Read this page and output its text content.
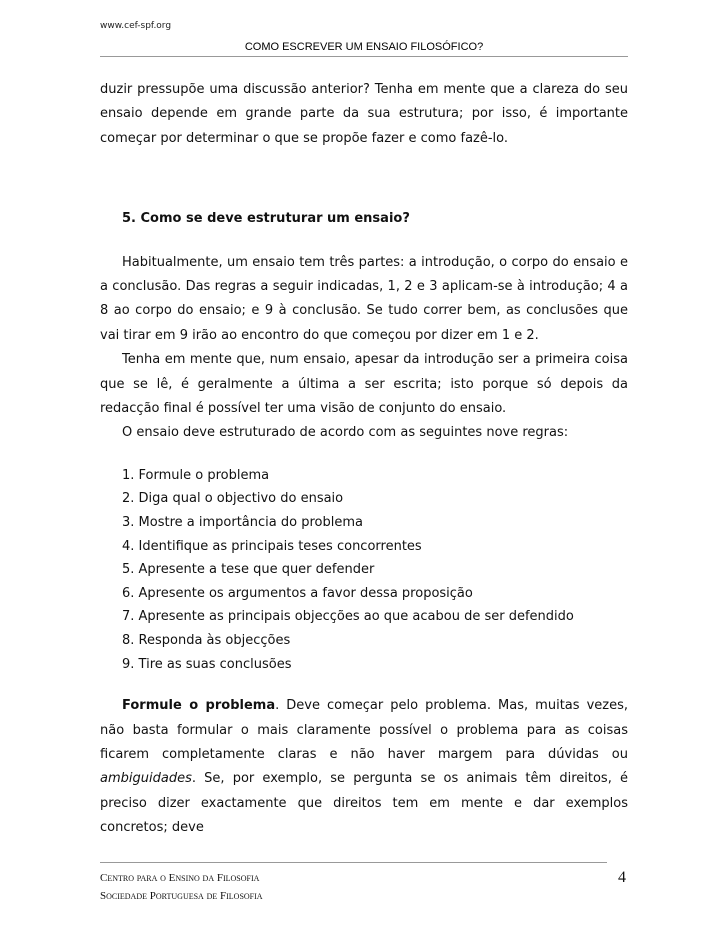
www.cef-spf.org
COMO ESCREVER UM ENSAIO FILOSÓFICO?

duzir pressupõe uma discussão anterior? Tenha em mente que a clareza do seu ensaio depende em grande parte da sua estrutura; por isso, é importante começar por determinar o que se propõe fazer e como fazê-lo.

5. Como se deve estruturar um ensaio?

Habitualmente, um ensaio tem três partes: a introdução, o corpo do ensaio e a conclusão. Das regras a seguir indicadas, 1, 2 e 3 aplicam-se à introdução; 4 a 8 ao corpo do ensaio; e 9 à conclusão. Se tudo correr bem, as conclusões que vai tirar em 9 irão ao encontro do que começou por dizer em 1 e 2.

Tenha em mente que, num ensaio, apesar da introdução ser a primeira coisa que se lê, é geralmente a última a ser escrita; isto porque só depois da redacção final é possível ter uma visão de conjunto do ensaio.

O ensaio deve estruturado de acordo com as seguintes nove regras:

1. Formule o problema
2. Diga qual o objectivo do ensaio
3. Mostre a importância do problema
4. Identifique as principais teses concorrentes
5. Apresente a tese que quer defender
6. Apresente os argumentos a favor dessa proposição
7. Apresente as principais objecções ao que acabou de ser defendido
8. Responda às objecções
9. Tire as suas conclusões

Formule o problema. Deve começar pelo problema. Mas, muitas vezes, não basta formular o mais claramente possível o problema para as coisas ficarem completamente claras e não haver margem para dúvidas ou ambiguidades. Se, por exemplo, se pergunta se os animais têm direitos, é preciso dizer exactamente que direitos tem em mente e dar exemplos concretos; deve

Centro para o Ensino da Filosofia
Sociedade Portuguesa de Filosofia
4
